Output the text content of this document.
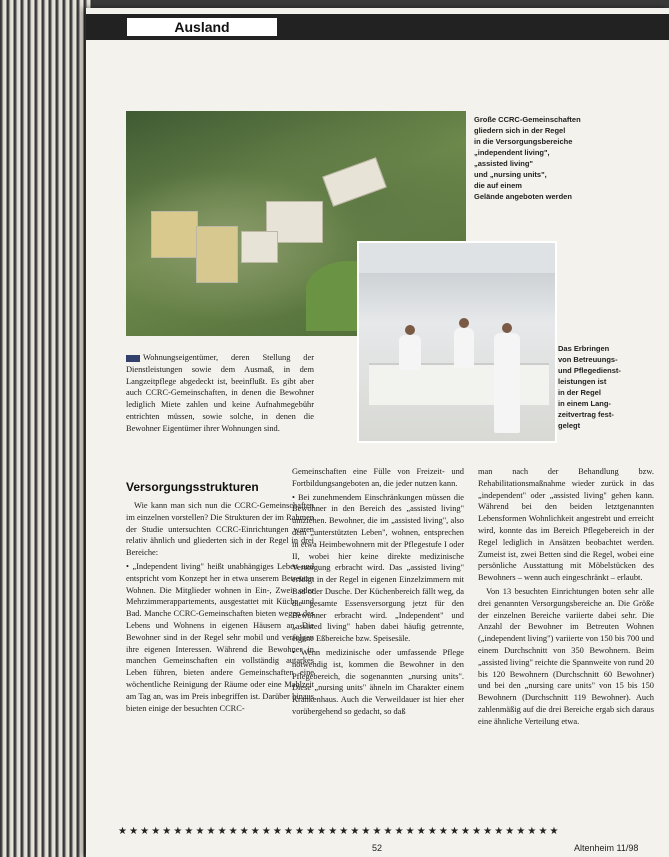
Ausland
Große CCRC-Gemeinschaften
gliedern sich in der Regel
in die Versorgungsbereiche
„independent living",
„assisted living"
und „nursing units",
die auf einem
Gelände angeboten werden
Das Erbringen
von Betreuungs-
und Pflegedienst-
leistungen ist
in der Regel
in einem Lang-
zeitvertrag fest-
gelegt

Wohnungseigentümer, deren Stellung der Dienstleistungen sowie dem Ausmaß, in dem Langzeitpflege abgedeckt ist, beeinflußt. Es gibt aber auch CCRC-Gemeinschaften, in denen die Bewohner lediglich Miete zahlen und keine Aufnahmegebühr entrichten müssen, sowie solche, in denen die Bewohner Eigentümer ihrer Wohnungen sind.

Versorgungsstrukturen

Wie kann man sich nun die CCRC-Gemeinschaften im einzelnen vorstellen? Die Strukturen der im Rahmen der Studie untersuchten CCRC-Einrichtungen waren relativ ähnlich und gliederten sich in der Regel in drei Bereiche:

• „Independent living" heißt unabhängiges Leben und entspricht vom Konzept her in etwa unserem Betreuten Wohnen. Die Mitglieder wohnen in Ein-, Zwei- oder Mehrzimmerappartements, ausgestattet mit Küche und Bad. Manche CCRC-Gemeinschaften bieten wegen des Lebens und Wohnens in eigenen Häusern an. Die Bewohner sind in der Regel sehr mobil und verfolgen ihre eigenen Interessen. Während die Bewohner in manchen Gemeinschaften ein vollständig autarkes Leben führen, bieten andere Gemeinschaften eine wöchentliche Reinigung der Räume oder eine Mahlzeit am Tag an, was im Preis inbegriffen ist. Darüber hinaus bieten einige der besuchten CCRC-

Gemeinschaften eine Fülle von Freizeit- und Fortbildungsangeboten an, die jeder nutzen kann.

• Bei zunehmendem Einschränkungen müssen die Bewohner in den Bereich des „assisted living" umziehen. Bewohner, die im „assisted living", also dem „unterstützten Leben", wohnen, entsprechen in etwa Heimbewohnern mit der Pflegestufe I oder II, wobei hier keine direkte medizinische Versorgung erbracht wird. Das „assisted living" erfolgt in der Regel in eigenen Einzelzimmern mit Bad oder Dusche. Der Küchenbereich fällt weg, da die gesamte Essensversorgung jetzt für den Bewohner erbracht wird. „Independent" und „assisted living" haben dabei häufig getrennte, eigene Eßbereiche bzw. Speisesäle.

• Wenn medizinische oder umfassende Pflege notwendig ist, kommen die Bewohner in den Pflegebereich, die sogenannten „nursing units". Diese „nursing units" ähneln im Charakter einem Krankenhaus. Auch die Verweildauer ist hier eher vorübergehend so gedacht, so daß

man nach der Behandlung bzw. Rehabilitationsmaßnahme wieder zurück in das „independent" oder „assisted living" gehen kann. Während bei den beiden letztgenannten Lebensformen Wohnlichkeit angestrebt und erreicht wird, konnte das im Bereich Pflegebereich in der Regel lediglich in Ansätzen beobachtet werden. Zumeist ist, zwei Betten sind die Regel, wobei eine persönliche Ausstattung mit Möbelstücken des Bewohners – wenn auch eingeschränkt – erlaubt.

Von 13 besuchten Einrichtungen boten sehr alle drei genannten Versorgungsbereiche an. Die Größe der einzelnen Bereiche variierte dabei sehr. Die Anzahl der Bewohner im Betreuten Wohnen („independent living") variierte von 150 bis 700 und einem Durchschnitt von 350 Bewohnern. Beim „assisted living" reichte die Spannweite von rund 20 bis 120 Bewohnern (Durchschnitt 60 Bewohner) und bei den „nursing care units" von 15 bis 150 Bewohnern (Durchschnitt 119 Bewohner). Auch zahlenmäßig auf die drei Bereiche ergab sich daraus eine ähnliche Verteilung etwa.

★★★★★★★★★★★★★★★★★★★★★★★★★★★★★★★★★★★★★★★★
52	Altenheim 11/98
